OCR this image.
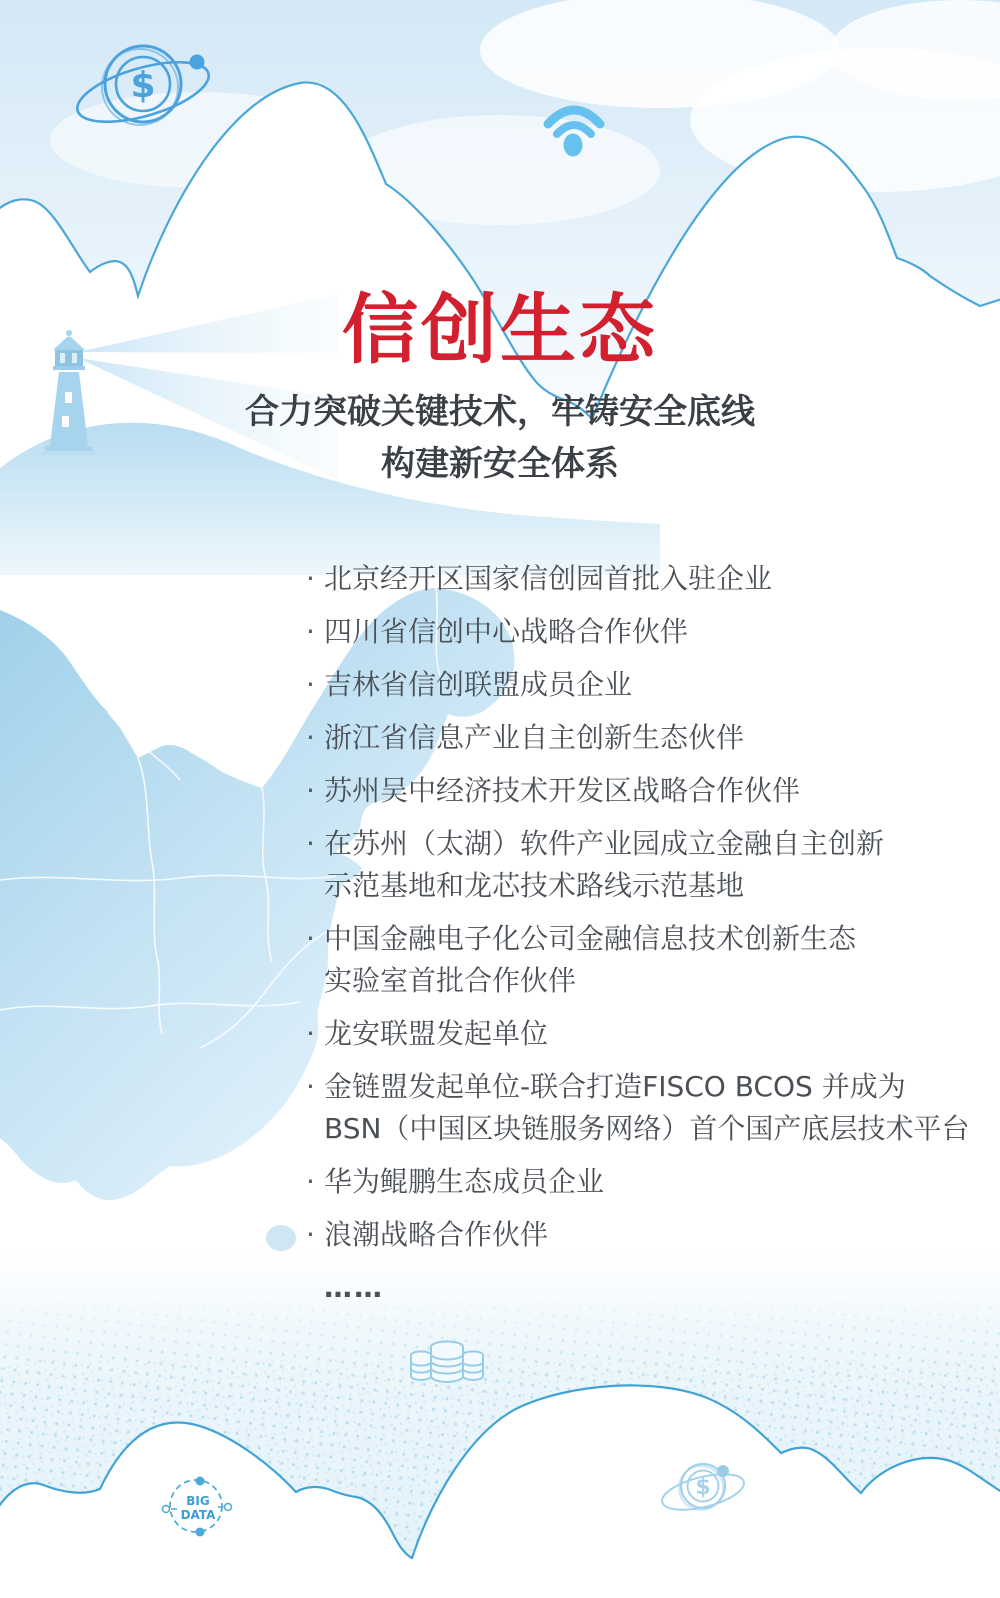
$
BIG
DATA
$
信创生态
合力突破关键技术，牢铸安全底线
构建新安全体系
· 北京经开区国家信创园首批入驻企业
· 四川省信创中心战略合作伙伴
· 吉林省信创联盟成员企业
· 浙江省信息产业自主创新生态伙伴
· 苏州吴中经济技术开发区战略合作伙伴
· 在苏州（太湖）软件产业园成立金融自主创新
示范基地和龙芯技术路线示范基地
· 中国金融电子化公司金融信息技术创新生态
实验室首批合作伙伴
· 龙安联盟发起单位
· 金链盟发起单位-联合打造FISCO BCOS 并成为
BSN（中国区块链服务网络）首个国产底层技术平台
· 华为鲲鹏生态成员企业
· 浪潮战略合作伙伴
……
